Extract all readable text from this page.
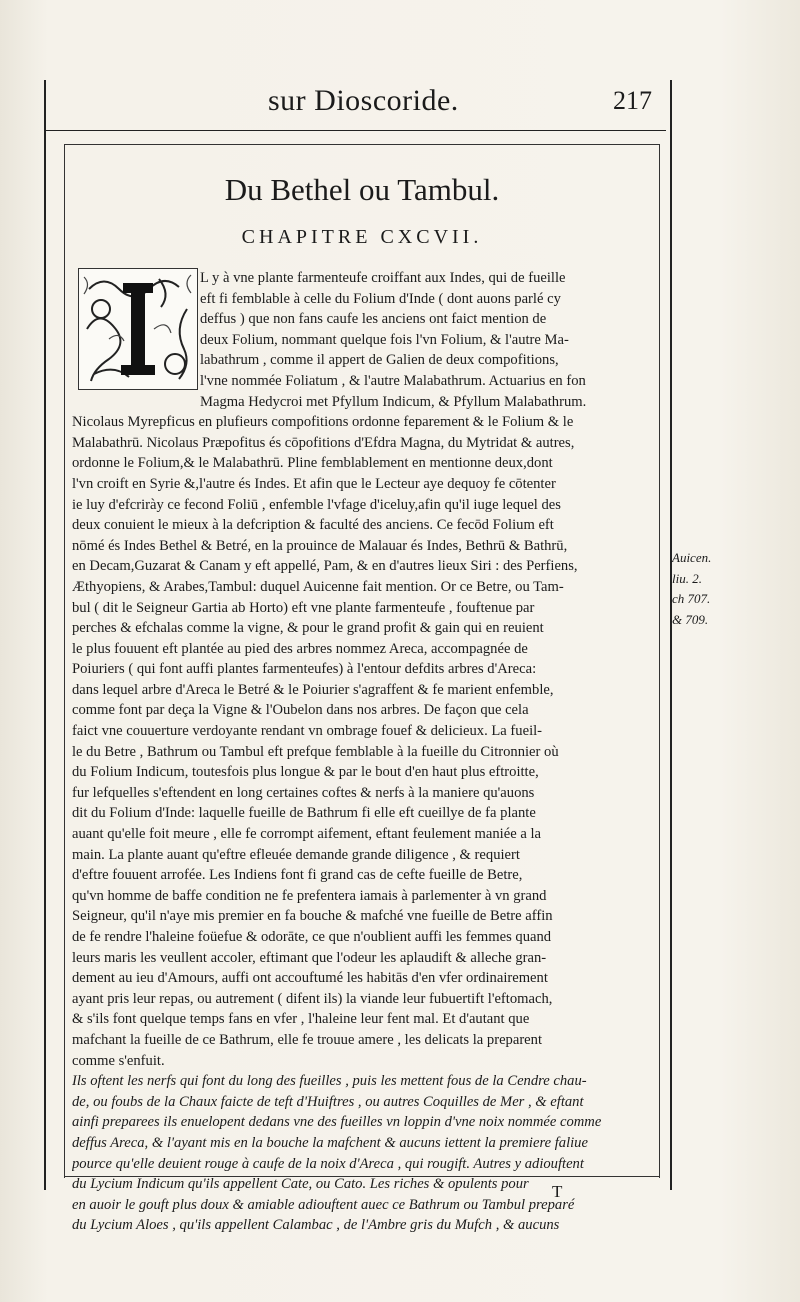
sur Dioscoride.	217
Du Bethel ou Tambul.
CHAPITRE CXCVII.
L y à vne plante farmenteufe croiffant aux Indes, qui de fueille
eft fi femblable à celle du Folium d'Inde ( dont auons parlé cy
deffus ) que non fans caufe les anciens ont faict mention de
deux Folium, nommant quelque fois l'vn Folium, & l'autre Ma-
labathrum , comme il appert de Galien de deux compofitions,
l'vne nommée Foliatum , & l'autre Malabathrum. Actuarius en fon
Magma Hedycroi met Pfyllum Indicum, & Pfyllum Malabathrum.
Nicolaus Myrepficus en plufieurs compofitions ordonne feparement & le Folium & le
Malabathrū. Nicolaus Præpofitus és cōpofitions d'Efdra Magna, du Mytridat & autres,
ordonne le Folium,& le Malabathrū. Pline femblablement en mentionne deux,dont
l'vn croift en Syrie &,l'autre és Indes. Et afin que le Lecteur aye dequoy fe cōtenter
ie luy d'efcrirày ce fecond Foliū , enfemble l'vfage d'iceluy,afin qu'il iuge lequel des
deux conuient le mieux à la defcription & faculté des anciens. Ce fecōd Folium eft
nōmé és Indes Bethel & Betré, en la prouince de Malauar és Indes, Bethrū & Bathrū,
en Decam,Guzarat & Canam y eft appellé, Pam, & en d'autres lieux Siri : des Perfiens,
Æthyopiens, & Arabes,Tambul: duquel Auicenne fait mention. Or ce Betre, ou Tam-
bul ( dit le Seigneur Gartia ab Horto) eft vne plante farmenteufe , fouftenue par
perches & efchalas comme la vigne, & pour le grand profit & gain qui en reuient
le plus fouuent eft plantée au pied des arbres nommez Areca, accompagnée de
Poiuriers ( qui font auffi plantes farmenteufes) à l'entour defdits arbres d'Areca:
dans lequel arbre d'Areca le Betré & le Poiurier s'agraffent & fe marient enfemble,
comme font par deça la Vigne & l'Oubelon dans nos arbres. De façon que cela
faict vne couuerture verdoyante rendant vn ombrage fouef & delicieux. La fueil-
le du Betre , Bathrum ou Tambul eft prefque femblable à la fueille du Citronnier où
du Folium Indicum, toutesfois plus longue & par le bout d'en haut plus eftroitte,
fur lefquelles s'eftendent en long certaines coftes & nerfs à la maniere qu'auons
dit du Folium d'Inde: laquelle fueille de Bathrum fi elle eft cueillye de fa plante
auant qu'elle foit meure , elle fe corrompt aifement, eftant feulement maniée a la
main. La plante auant qu'eftre efleuée demande grande diligence , & requiert
d'eftre fouuent arrofée. Les Indiens font fi grand cas de cefte fueille de Betre,
qu'vn homme de baffe condition ne fe prefentera iamais à parlementer à vn grand
Seigneur, qu'il n'aye mis premier en fa bouche & mafché vne fueille de Betre affin
de fe rendre l'haleine foüefue & odorāte, ce que n'oublient auffi les femmes quand
leurs maris les veullent accoler, eftimant que l'odeur les aplaudift & alleche gran-
dement au ieu d'Amours, auffi ont accouftumé les habitās d'en vfer ordinairement
ayant pris leur repas, ou autrement ( difent ils) la viande leur fubuertift l'eftomach,
& s'ils font quelque temps fans en vfer , l'haleine leur fent mal. Et d'autant que
mafchant la fueille de ce Bathrum, elle fe trouue amere , les delicats la preparent
comme s'enfuit.
Ils oftent les nerfs qui font du long des fueilles , puis les mettent fous de la Cendre chau-
de, ou foubs de la Chaux faicte de teft d'Huiftres , ou autres Coquilles de Mer , & eftant
ainfi preparees ils enuelopent dedans vne des fueilles vn loppin d'vne noix nommée comme
deffus Areca, & l'ayant mis en la bouche la mafchent & aucuns iettent la premiere faliue
pource qu'elle deuient rouge à caufe de la noix d'Areca , qui rougift. Autres y adiouftent
du Lycium Indicum qu'ils appellent Cate, ou Cato. Les riches & opulents pour
en auoir le gouft plus doux & amiable adiouftent auec ce Bathrum ou Tambul preparé
du Lycium Aloes , qu'ils appellent Calambac , de l'Ambre gris du Mufch , & aucuns
Auicen.
liu. 2.
ch 707.
& 709.
T
